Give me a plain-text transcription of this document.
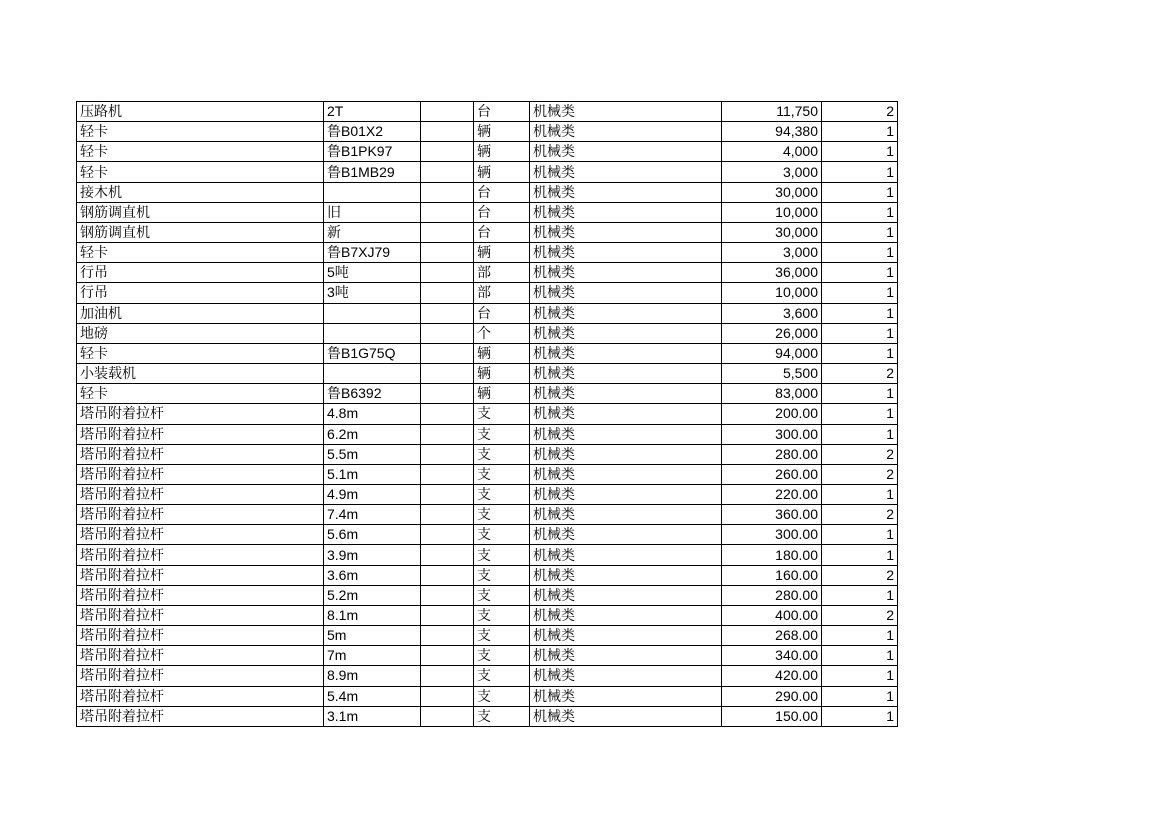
压路机	2T		台	机械类	11,750	2
轻卡	鲁B01X2		辆	机械类	94,380	1
轻卡	鲁B1PK97		辆	机械类	4,000	1
轻卡	鲁B1MB29		辆	机械类	3,000	1
接木机			台	机械类	30,000	1
钢筋调直机	旧		台	机械类	10,000	1
钢筋调直机	新		台	机械类	30,000	1
轻卡	鲁B7XJ79		辆	机械类	3,000	1
行吊	5吨		部	机械类	36,000	1
行吊	3吨		部	机械类	10,000	1
加油机			台	机械类	3,600	1
地磅			个	机械类	26,000	1
轻卡	鲁B1G75Q		辆	机械类	94,000	1
小装载机			辆	机械类	5,500	2
轻卡	鲁B6392		辆	机械类	83,000	1
塔吊附着拉杆	4.8m		支	机械类	200.00	1
塔吊附着拉杆	6.2m		支	机械类	300.00	1
塔吊附着拉杆	5.5m		支	机械类	280.00	2
塔吊附着拉杆	5.1m		支	机械类	260.00	2
塔吊附着拉杆	4.9m		支	机械类	220.00	1
塔吊附着拉杆	7.4m		支	机械类	360.00	2
塔吊附着拉杆	5.6m		支	机械类	300.00	1
塔吊附着拉杆	3.9m		支	机械类	180.00	1
塔吊附着拉杆	3.6m		支	机械类	160.00	2
塔吊附着拉杆	5.2m		支	机械类	280.00	1
塔吊附着拉杆	8.1m		支	机械类	400.00	2
塔吊附着拉杆	5m		支	机械类	268.00	1
塔吊附着拉杆	7m		支	机械类	340.00	1
塔吊附着拉杆	8.9m		支	机械类	420.00	1
塔吊附着拉杆	5.4m		支	机械类	290.00	1
塔吊附着拉杆	3.1m		支	机械类	150.00	1
